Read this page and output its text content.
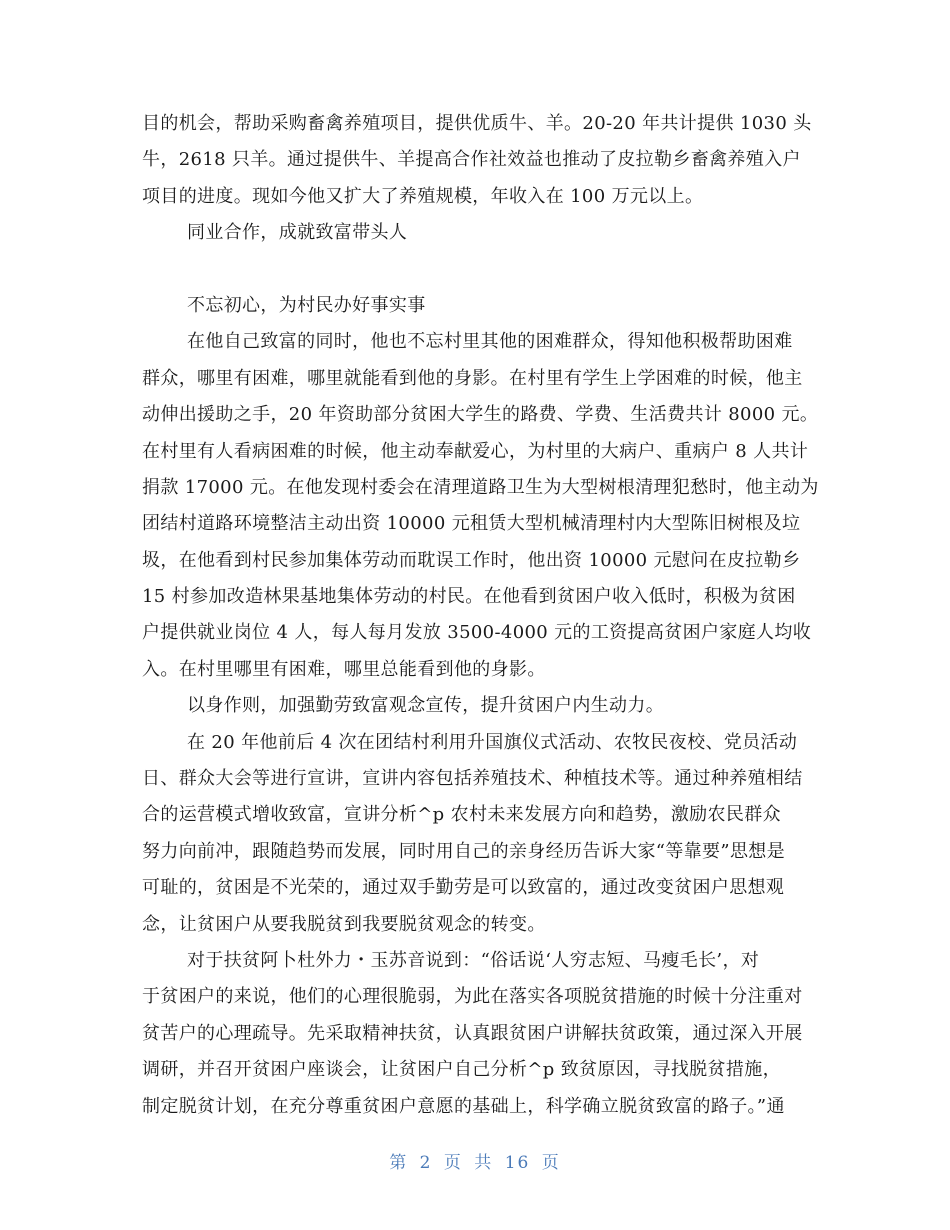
目的机会，帮助采购畜禽养殖项目，提供优质牛、羊。20-20 年共计提供 1030 头
牛，2618 只羊。通过提供牛、羊提高合作社效益也推动了皮拉勒乡畜禽养殖入户
项目的进度。现如今他又扩大了养殖规模，年收入在 100 万元以上。
同业合作，成就致富带头人
不忘初心，为村民办好事实事
在他自己致富的同时，他也不忘村里其他的困难群众，得知他积极帮助困难
群众，哪里有困难，哪里就能看到他的身影。在村里有学生上学困难的时候，他主
动伸出援助之手，20 年资助部分贫困大学生的路费、学费、生活费共计 8000 元。
在村里有人看病困难的时候，他主动奉献爱心，为村里的大病户、重病户 8 人共计
捐款 17000 元。在他发现村委会在清理道路卫生为大型树根清理犯愁时，他主动为
团结村道路环境整洁主动出资 10000 元租赁大型机械清理村内大型陈旧树根及垃
圾，在他看到村民参加集体劳动而耽误工作时，他出资 10000 元慰问在皮拉勒乡
15 村参加改造林果基地集体劳动的村民。在他看到贫困户收入低时，积极为贫困
户提供就业岗位 4 人，每人每月发放 3500-4000 元的工资提高贫困户家庭人均收
入。在村里哪里有困难，哪里总能看到他的身影。
以身作则，加强勤劳致富观念宣传，提升贫困户内生动力。
在 20 年他前后 4 次在团结村利用升国旗仪式活动、农牧民夜校、党员活动
日、群众大会等进行宣讲，宣讲内容包括养殖技术、种植技术等。通过种养殖相结
合的运营模式增收致富，宣讲分析^p 农村未来发展方向和趋势，激励农民群众
努力向前冲，跟随趋势而发展，同时用自己的亲身经历告诉大家“等靠要”思想是
可耻的，贫困是不光荣的，通过双手勤劳是可以致富的，通过改变贫困户思想观
念，让贫困户从要我脱贫到我要脱贫观念的转变。
对于扶贫阿卜杜外力・玉苏音说到：“俗话说‘人穷志短、马瘦毛长’，对
于贫困户的来说，他们的心理很脆弱，为此在落实各项脱贫措施的时候十分注重对
贫苦户的心理疏导。先采取精神扶贫，认真跟贫困户讲解扶贫政策，通过深入开展
调研，并召开贫困户座谈会，让贫困户自己分析^p 致贫原因，寻找脱贫措施，
制定脱贫计划，在充分尊重贫困户意愿的基础上，科学确立脱贫致富的路子。”通
第 2 页 共 16 页
